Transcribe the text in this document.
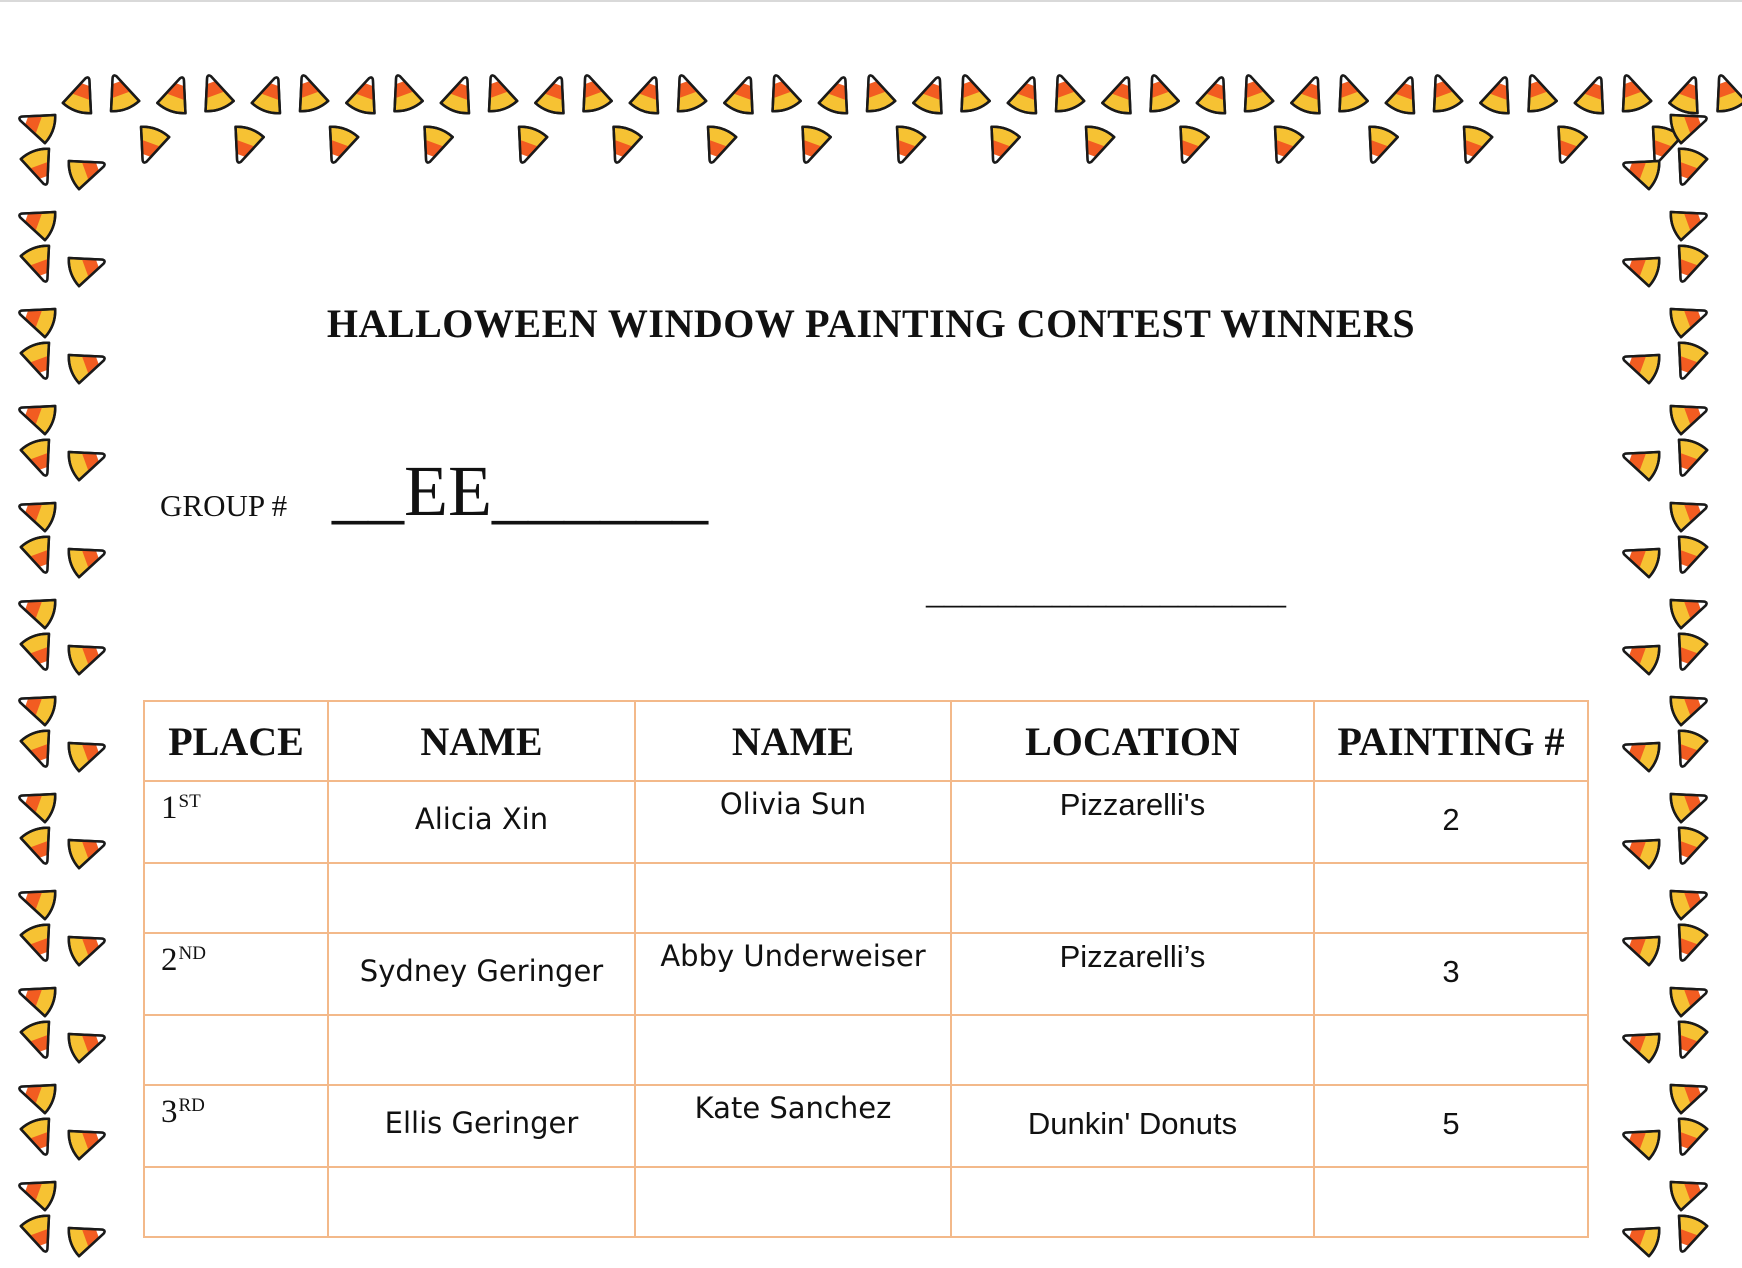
HALLOWEEN WINDOW PAINTING CONTEST WINNERS
GROUP # __EE______
____________________
PLACE	NAME	NAME	LOCATION	PAINTING #
1ST	Alicia Xin	Olivia Sun	Pizzarelli's	2

2ND	Sydney Geringer	Abby Underweiser	Pizzarelli’s	3

3RD	Ellis Geringer	Kate Sanchez	Dunkin' Donuts	5
